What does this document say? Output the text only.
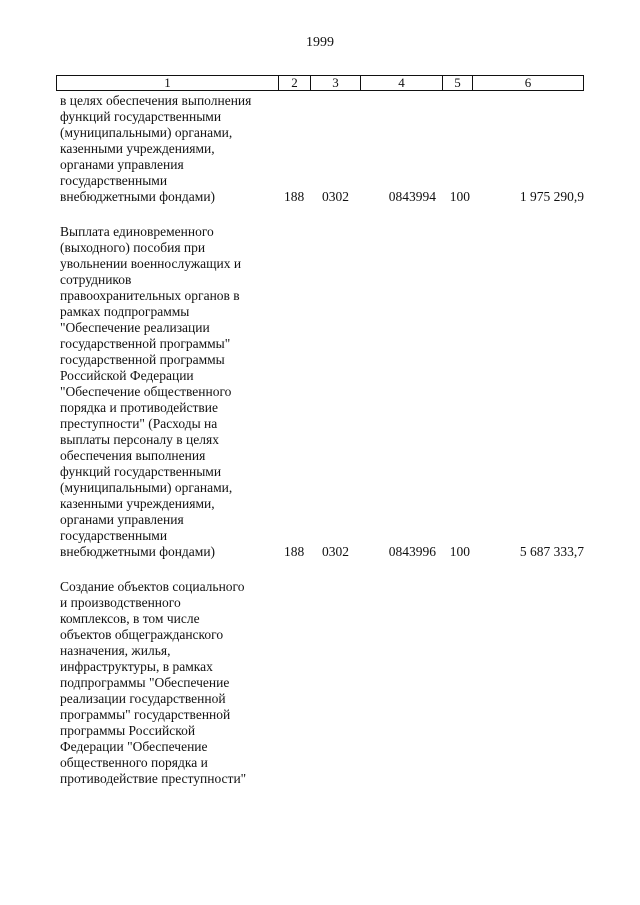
1999
1	2	3	4	5	6

в целях обеспечения выполнения

функций государственными

(муниципальными) органами,

казенными учреждениями,

органами управления

государственными

внебюджетными фондами)	188	0302	0843994	100	1 975 290,9

Выплата единовременного

(выходного) пособия при

увольнении военнослужащих и

сотрудников

правоохранительных органов в

рамках подпрограммы

"Обеспечение реализации

государственной программы"

государственной программы

Российской Федерации

"Обеспечение общественного

порядка и противодействие

преступности" (Расходы на

выплаты персоналу в целях

обеспечения выполнения

функций государственными

(муниципальными) органами,

казенными учреждениями,

органами управления

государственными

внебюджетными фондами)	188	0302	0843996	100	5 687 333,7

Создание объектов социального

и производственного

комплексов, в том числе

объектов общегражданского

назначения, жилья,

инфраструктуры, в рамках

подпрограммы "Обеспечение

реализации государственной

программы" государственной

программы Российской

Федерации "Обеспечение

общественного порядка и

противодействие преступности"
